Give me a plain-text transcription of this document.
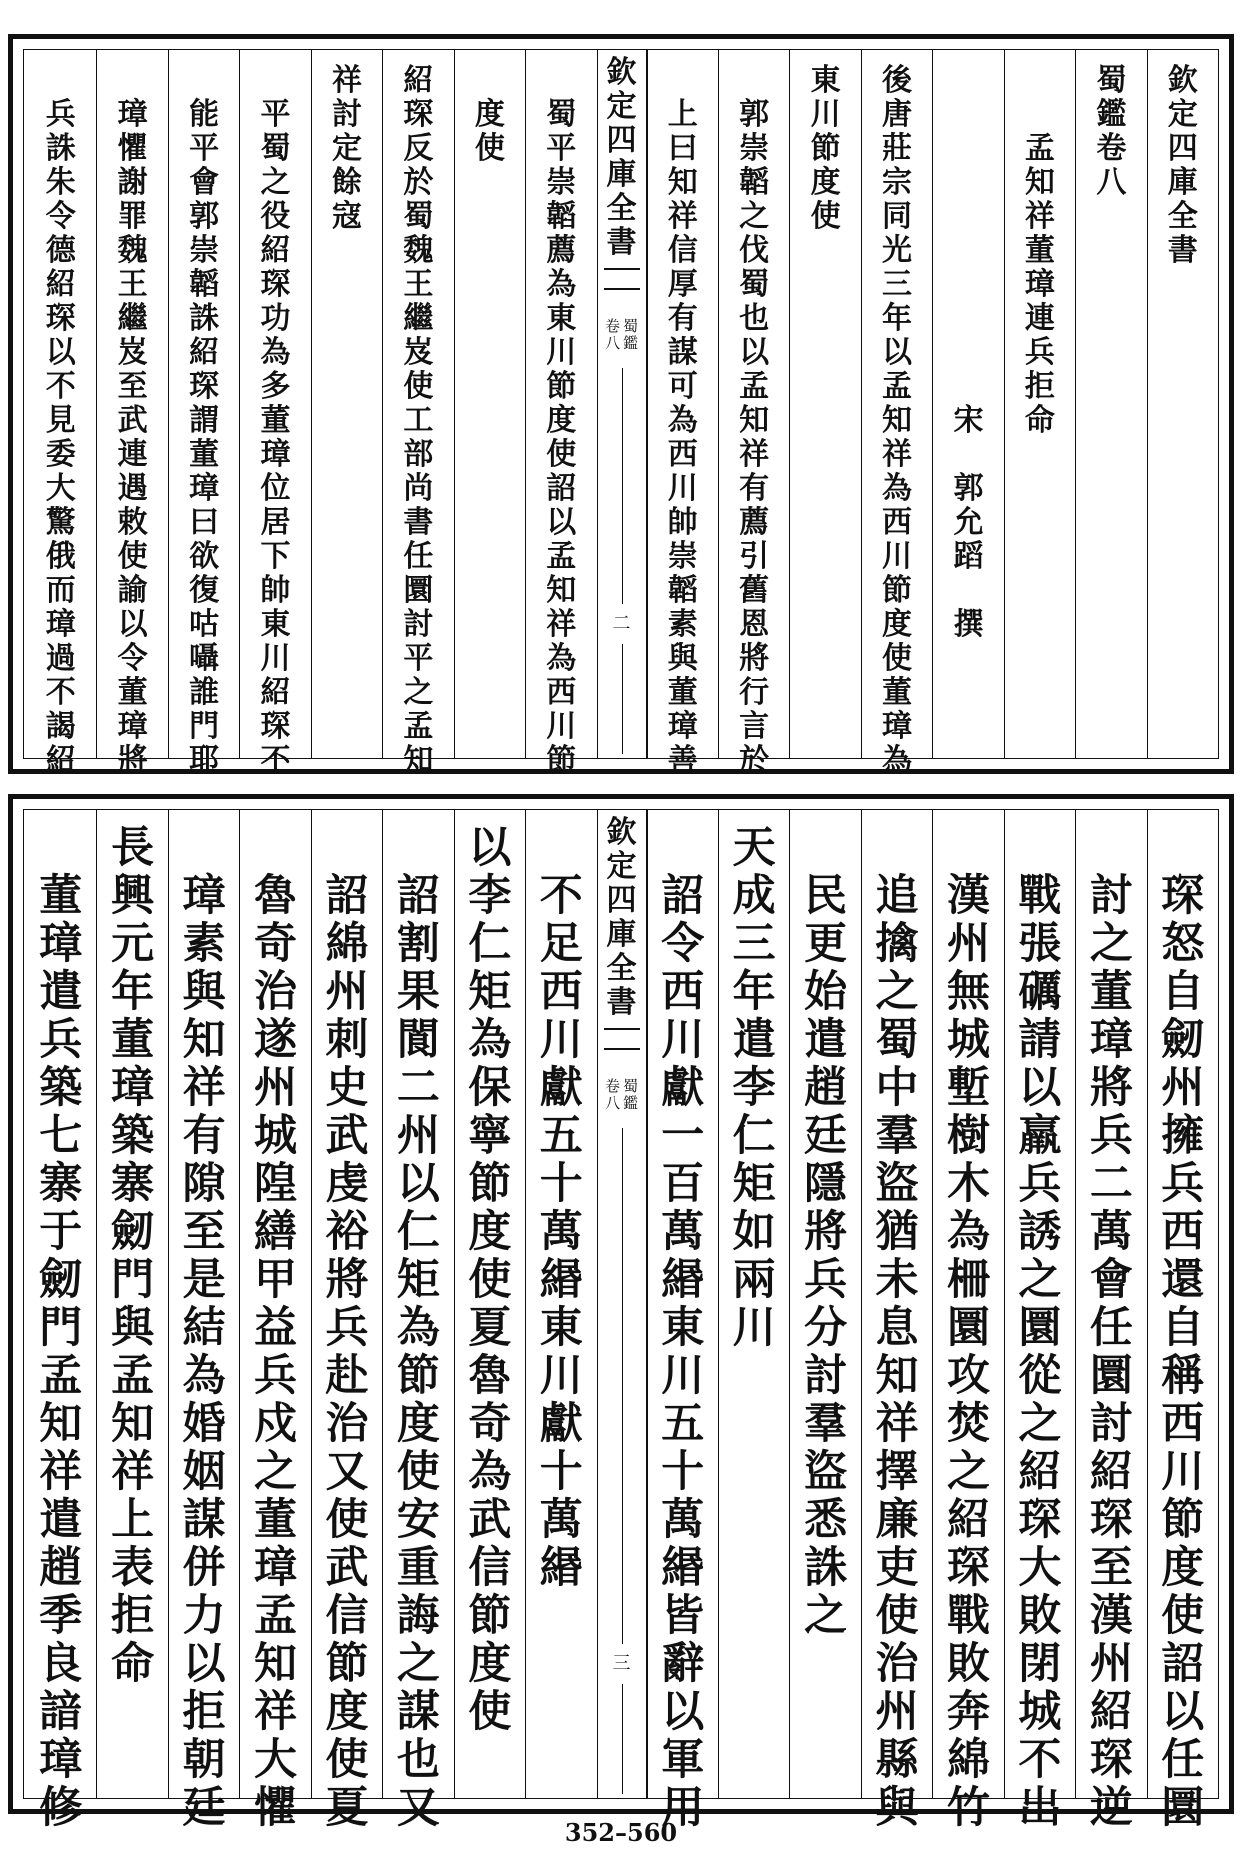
欽
定
四
庫
全
書
蜀
鑑
卷
八

孟
知
祥
董
璋
連
兵
拒
命

宋

郭
允
蹈

撰
後
唐
莊
宗
同
光
三
年
以
孟
知
祥
為
西
川
節
度
使
董
璋
為
東
川
節
度
使

郭
崇
韜
之
伐
蜀
也
以
孟
知
祥
有
薦
引
舊
恩
將
行
言
於

上
曰
知
祥
信
厚
有
謀
可
為
西
川
帥
崇
韜
素
與
董
璋
善
欽
定
四
庫
全
書
卷
八
蜀
鑑
二

蜀
平
崇
韜
薦
為
東
川
節
度
使
詔
以
孟
知
祥
為
西
川
節

度
使
紹
琛
反
於
蜀
魏
王
繼
岌
使
工
部
尚
書
任
圜
討
平
之
孟
知
祥
討
定
餘
寇

平
蜀
之
役
紹
琛
功
為
多
董
璋
位
居
下
帥
東
川
紹
琛
不

能
平
會
郭
崇
韜
誅
紹
琛
謂
董
璋
曰
欲
復
咕
囁
誰
門
耶

璋
懼
謝
罪
魏
王
繼
岌
至
武
連
遇
敕
使
諭
以
令
董
璋
將

兵
誅
朱
令
德
紹
琛
以
不
見
委
大
驚
俄
而
璋
過
不
謁
紹

琛
怒
自
劒
州
擁
兵
西
還
自
稱
西
川
節
度
使
詔
以
任
圜

討
之
董
璋
將
兵
二
萬
會
任
圜
討
紹
琛
至
漢
州
紹
琛
逆

戰
張
礪
請
以
羸
兵
誘
之
圜
從
之
紹
琛
大
敗
閉
城
不
出

漢
州
無
城
塹
樹
木
為
柵
圜
攻
焚
之
紹
琛
戰
敗
奔
綿
竹

追
擒
之
蜀
中
羣
盜
猶
未
息
知
祥
擇
廉
吏
使
治
州
縣
與

民
更
始
遣
趙
廷
隱
將
兵
分
討
羣
盜
悉
誅
之
天
成
三
年
遣
李
仁
矩
如
兩
川

詔
令
西
川
獻
一
百
萬
緡
東
川
五
十
萬
緡
皆
辭
以
軍
用
欽
定
四
庫
全
書
卷
八
蜀
鑑
三

不
足
西
川
獻
五
十
萬
緡
東
川
獻
十
萬
緡
以
李
仁
矩
為
保
寧
節
度
使
夏
魯
奇
為
武
信
節
度
使

詔
割
果
閬
二
州
以
仁
矩
為
節
度
使
安
重
誨
之
謀
也
又

詔
綿
州
刺
史
武
虔
裕
將
兵
赴
治
又
使
武
信
節
度
使
夏

魯
奇
治
遂
州
城
隍
繕
甲
益
兵
戍
之
董
璋
孟
知
祥
大
懼

璋
素
與
知
祥
有
隙
至
是
結
為
婚
姻
謀
併
力
以
拒
朝
廷
長
興
元
年
董
璋
築
寨
劒
門
與
孟
知
祥
上
表
拒
命

董
璋
遣
兵
築
七
寨
于
劒
門
孟
知
祥
遣
趙
季
良
諳
璋
修	352–560
